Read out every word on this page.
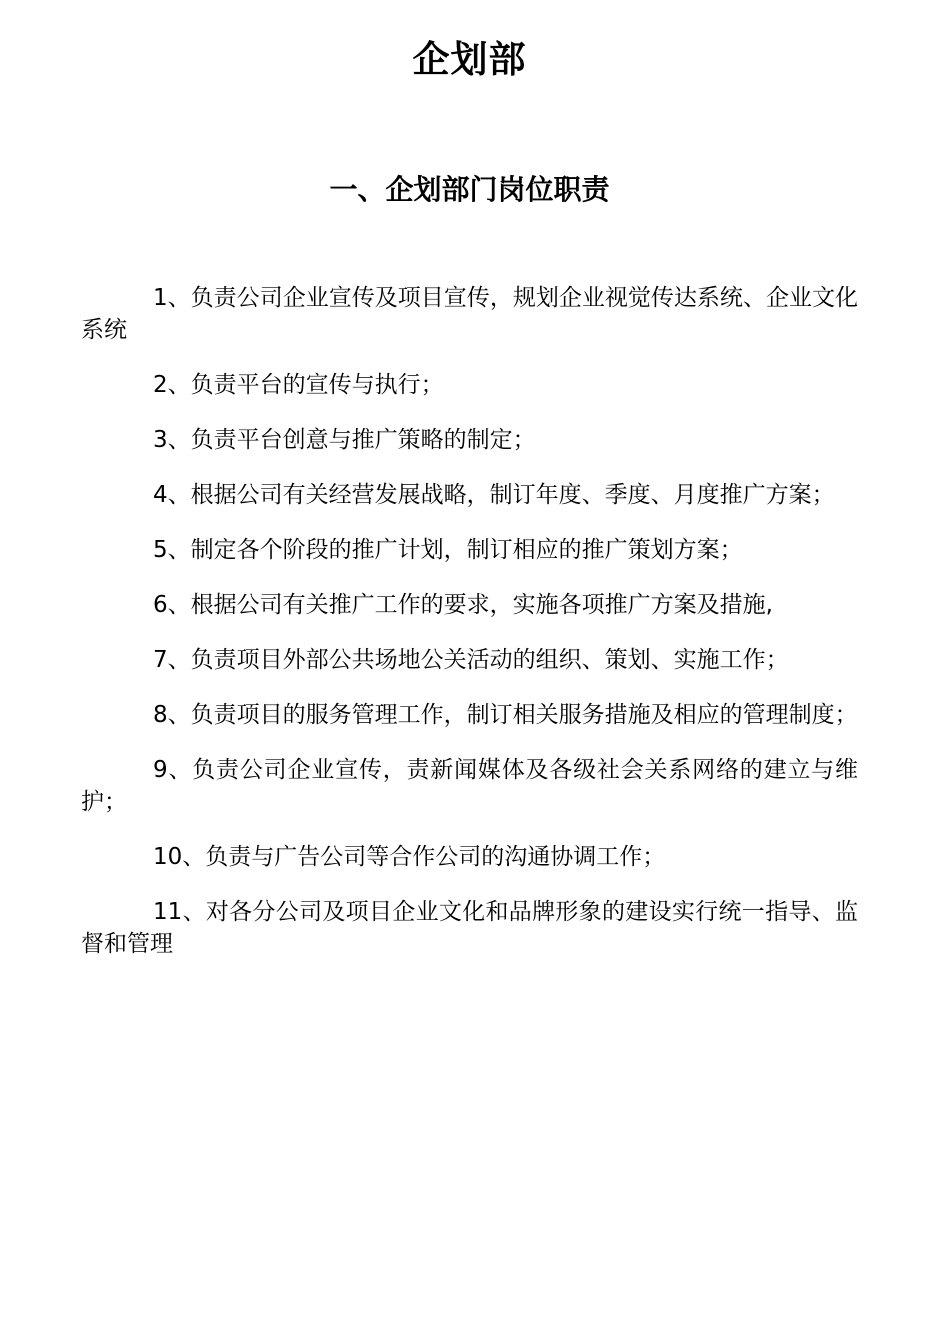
企划部
一、企划部门岗位职责
1、负责公司企业宣传及项目宣传，规划企业视觉传达系统、企业文化系统
2、负责平台的宣传与执行；
3、负责平台创意与推广策略的制定；
4、根据公司有关经营发展战略，制订年度、季度、月度推广方案；
5、制定各个阶段的推广计划，制订相应的推广策划方案；
6、根据公司有关推广工作的要求，实施各项推广方案及措施,
7、负责项目外部公共场地公关活动的组织、策划、实施工作；
8、负责项目的服务管理工作，制订相关服务措施及相应的管理制度；
9、负责公司企业宣传，责新闻媒体及各级社会关系网络的建立与维护；
10、负责与广告公司等合作公司的沟通协调工作；
11、对各分公司及项目企业文化和品牌形象的建设实行统一指导、监督和管理
